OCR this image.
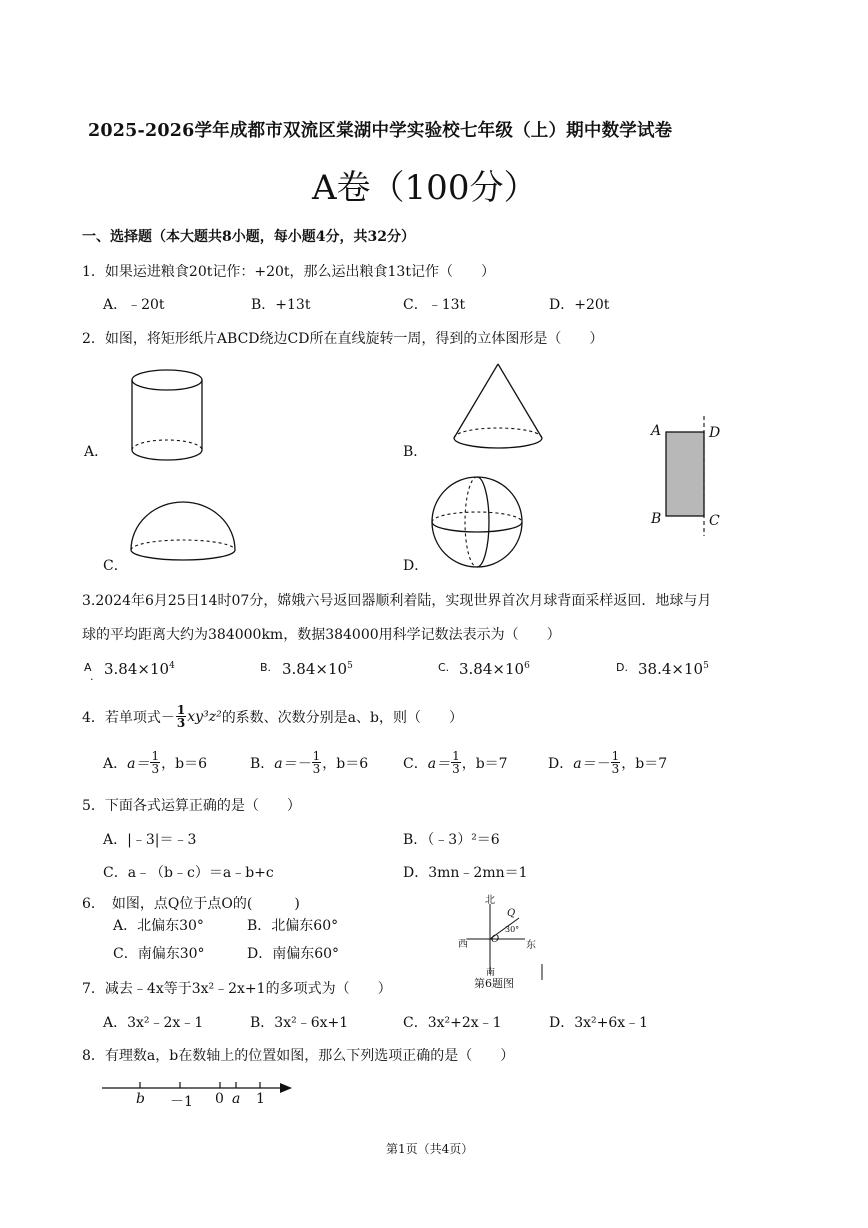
2025-2026学年成都市双流区棠湖中学实验校七年级（上）期中数学试卷
A卷（100分）
一、选择题（本大题共8小题，每小题4分，共32分）
1．如果运进粮食20t记作：+20t，那么运出粮食13t记作（　　）
A．﹣20t	B．+13t	C．﹣13t	D．+20t
2．如图，将矩形纸片ABCD绕边CD所在直线旋转一周，得到的立体图形是（　　）
A．	B．
C．	D．
A	D
B	C
3.2024年6月25日14时07分，嫦娥六号返回器顺利着陆，实现世界首次月球背面采样返回．地球与月
球的平均距离大约为384000km，数据384000用科学记数法表示为（　　）
A
. $3.84\times 10^4$	B. $3.84\times 10^5$	C. $3.84\times 10^6$	D. $38.4\times 10^5$
4．若单项式－ $\frac{1}{3} xy^3z^2$ 的系数、次数分别是a、b，则（　　）
A． $a= \frac{1}{3}$ ，b＝6	B． $a=- \frac{1}{3}$ ，b＝6 C． $a= \frac{1}{3}$ ，b＝7	D． $a=- \frac{1}{3}$ ，b＝7
5．下面各式运算正确的是（　　）
A．|﹣3|＝﹣3	B．（﹣3）²＝6
C．a﹣（b﹣c）＝a﹣b+c	D．3mn﹣2mn＝1
6．　如图，点Q位于点O的(　　　)
A．北偏东30°	B．北偏东60°
C．南偏东30°	D．南偏东60°
北
西	东
O
Q
30°
第6题图
南
7．减去﹣4x等于3x²﹣2x+1的多项式为（　　）
A．3x²﹣2x﹣1	B．3x²﹣6x+1	C．3x²+2x﹣1	D．3x²+6x﹣1
8．有理数a，b在数轴上的位置如图，那么下列选项正确的是（　　）
b －1 0 a 1
第1页（共4页）
